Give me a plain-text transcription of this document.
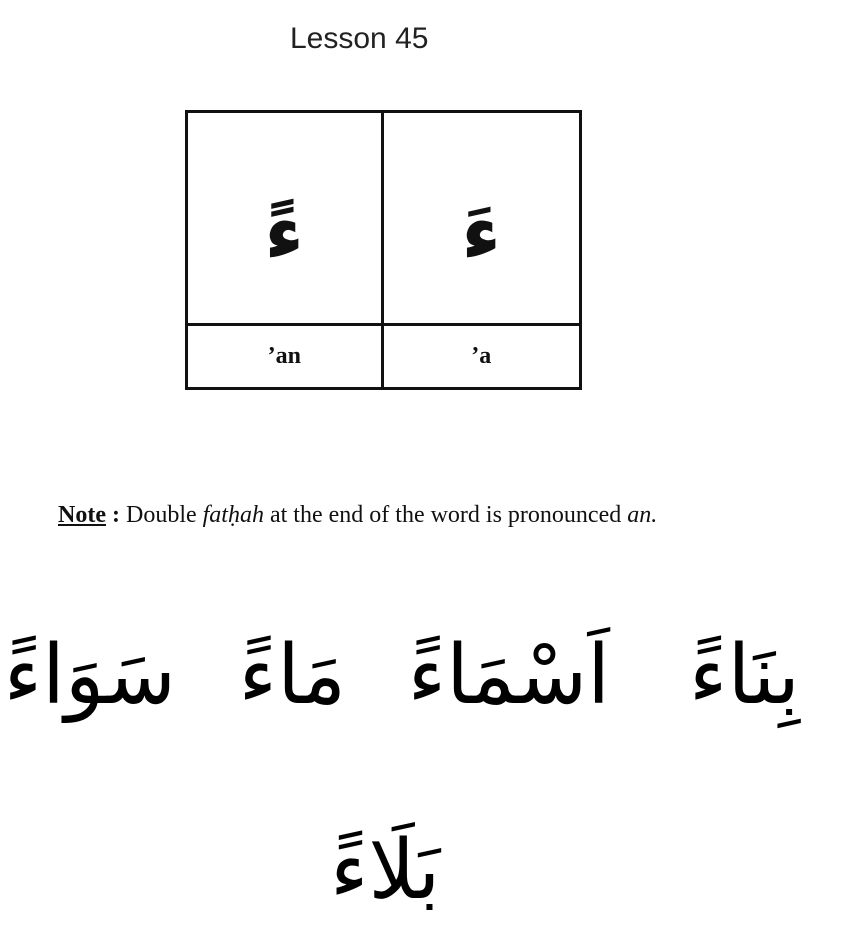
Lesson 45
ءً ءَ
’an	’a
Note : Double fatḥah at the end of the word is pronounced an.
بِنَاءً
اَسْمَاءً
مَاءً
سَوَاءً
بَلَاءً
